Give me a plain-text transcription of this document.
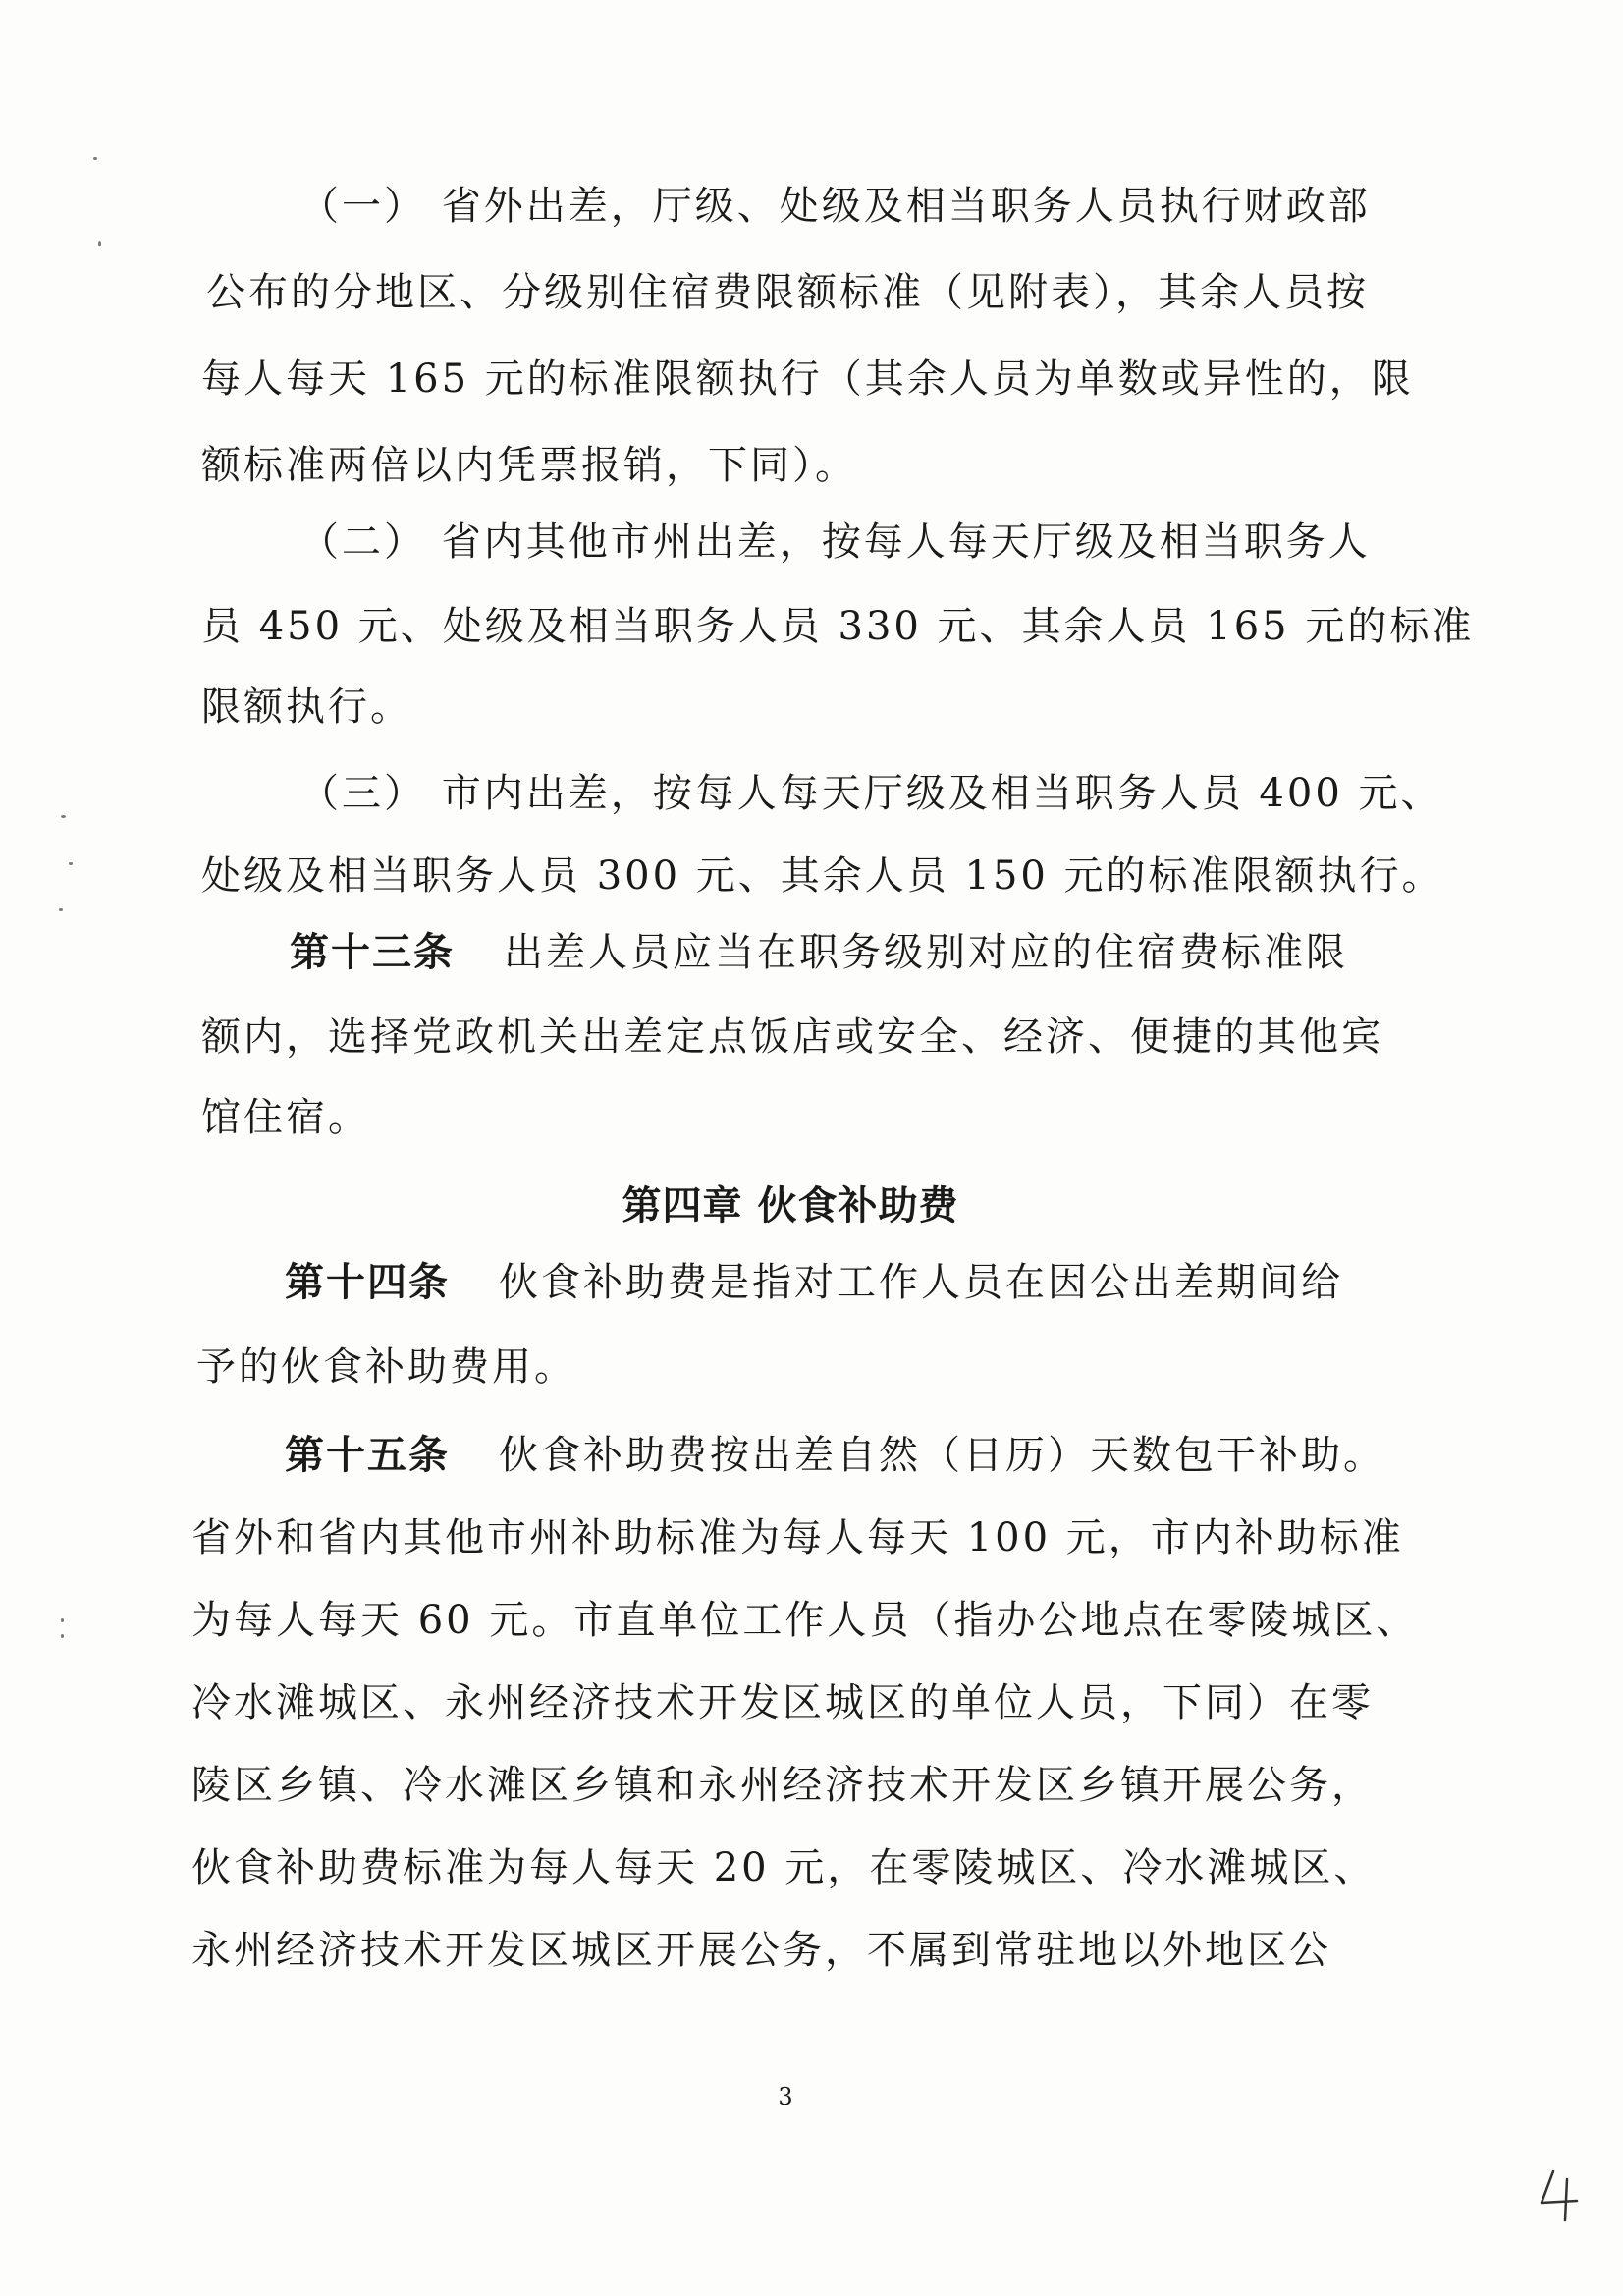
（一） 省外出差，厅级、处级及相当职务人员执行财政部
公布的分地区、分级别住宿费限额标准（见附表），其余人员按
每人每天 165 元的标准限额执行（其余人员为单数或异性的，限
额标准两倍以内凭票报销，下同）。
（二） 省内其他市州出差，按每人每天厅级及相当职务人
员 450 元、处级及相当职务人员 330 元、其余人员 165 元的标准
限额执行。
（三） 市内出差，按每人每天厅级及相当职务人员 400 元、
处级及相当职务人员 300 元、其余人员 150 元的标准限额执行。
第十三条 出差人员应当在职务级别对应的住宿费标准限
额内，选择党政机关出差定点饭店或安全、经济、便捷的其他宾
馆住宿。
第四章 伙食补助费
第十四条 伙食补助费是指对工作人员在因公出差期间给
予的伙食补助费用。
第十五条 伙食补助费按出差自然（日历）天数包干补助。
省外和省内其他市州补助标准为每人每天 100 元，市内补助标准
为每人每天 60 元。市直单位工作人员（指办公地点在零陵城区、
冷水滩城区、永州经济技术开发区城区的单位人员，下同）在零
陵区乡镇、冷水滩区乡镇和永州经济技术开发区乡镇开展公务，
伙食补助费标准为每人每天 20 元，在零陵城区、冷水滩城区、
永州经济技术开发区城区开展公务，不属到常驻地以外地区公
3
